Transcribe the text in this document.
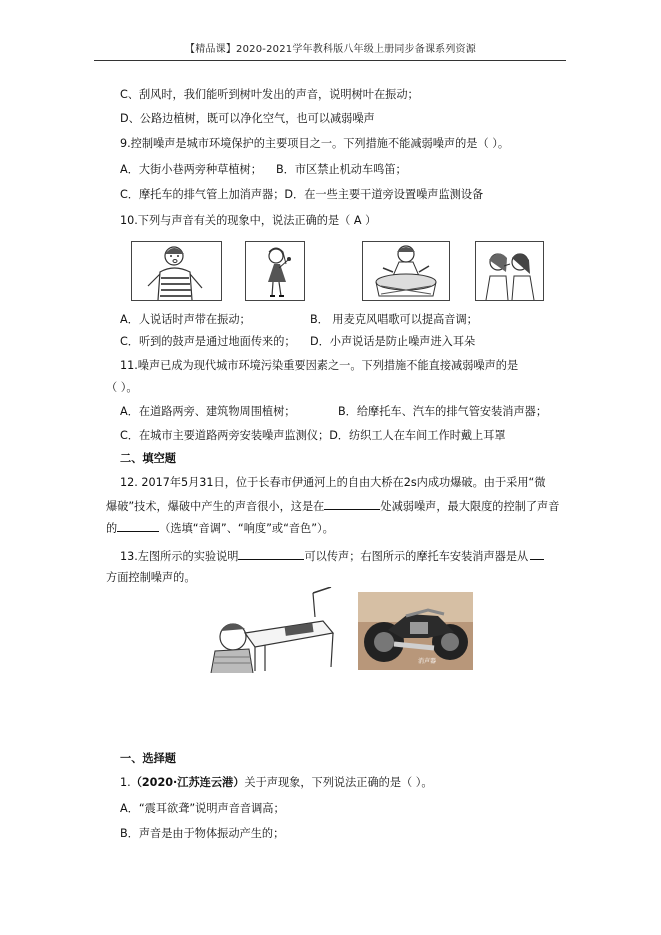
【精品课】2020-2021学年教科版八年级上册同步备课系列资源
C、刮风时，我们能听到树叶发出的声音，说明树叶在振动；
D、公路边植树，既可以净化空气，也可以减弱噪声
9.控制噪声是城市环境保护的主要项目之一。下列措施不能减弱噪声的是（ ）。
A．大街小巷两旁种草植树； B．市区禁止机动车鸣笛；
C．摩托车的排气管上加消声器；D．在一些主要干道旁设置噪声监测设备
10.下列与声音有关的现象中，说法正确的是（ A ）
A．人说话时声带在振动；	B． 用麦克风唱歌可以提高音调；
C．听到的鼓声是通过地面传来的； D．小声说话是防止噪声进入耳朵
11.噪声已成为现代城市环境污染重要因素之一。下列措施不能直接减弱噪声的是
（ ）。
A．在道路两旁、建筑物周围植树；	B．给摩托车、汽车的排气管安装消声器；
C．在城市主要道路两旁安装噪声监测仪；D．纺织工人在车间工作时戴上耳罩
二、填空题
12. 2017年5月31日，位于长春市伊通河上的自由大桥在2s内成功爆破。由于采用“微
爆破”技术，爆破中产生的声音很小，这是在	处减弱噪声，最大限度的控制了声音
的	（选填“音调”、“响度”或“音色”）。
13.左图所示的实验说明	可以传声；右图所示的摩托车安装消声器是从
方面控制噪声的。
消声器
一、选择题
1.（2020·江苏连云港）关于声现象，下列说法正确的是（ ）。
A．“震耳欲聋”说明声音音调高；
B．声音是由于物体振动产生的；
